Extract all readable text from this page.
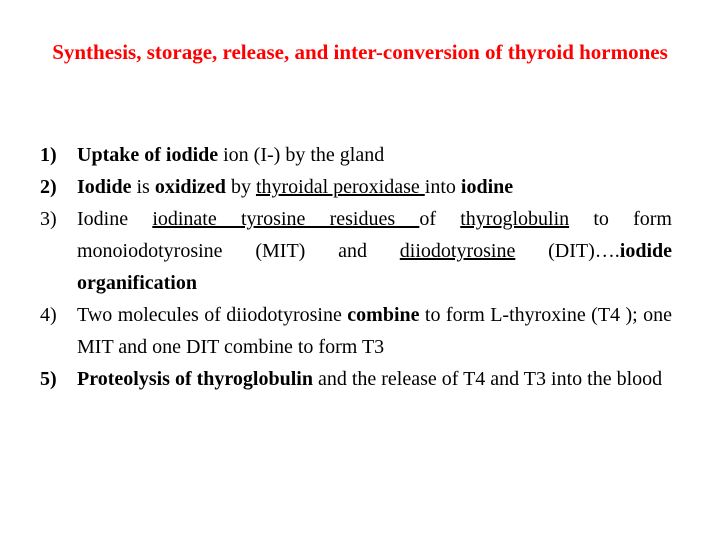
Synthesis, storage, release, and inter-conversion of thyroid hormones
1) Uptake of iodide ion (I-) by the gland
2) Iodide is oxidized by thyroidal peroxidase into iodine
3) Iodine iodinate tyrosine residues of thyroglobulin to form monoiodotyrosine (MIT) and diiodotyrosine (DIT)….iodide organification
4) Two molecules of diiodotyrosine combine to form L-thyroxine (T4 ); one MIT and one DIT combine to form T3
5) Proteolysis of thyroglobulin and the release of T4 and T3 into the blood
